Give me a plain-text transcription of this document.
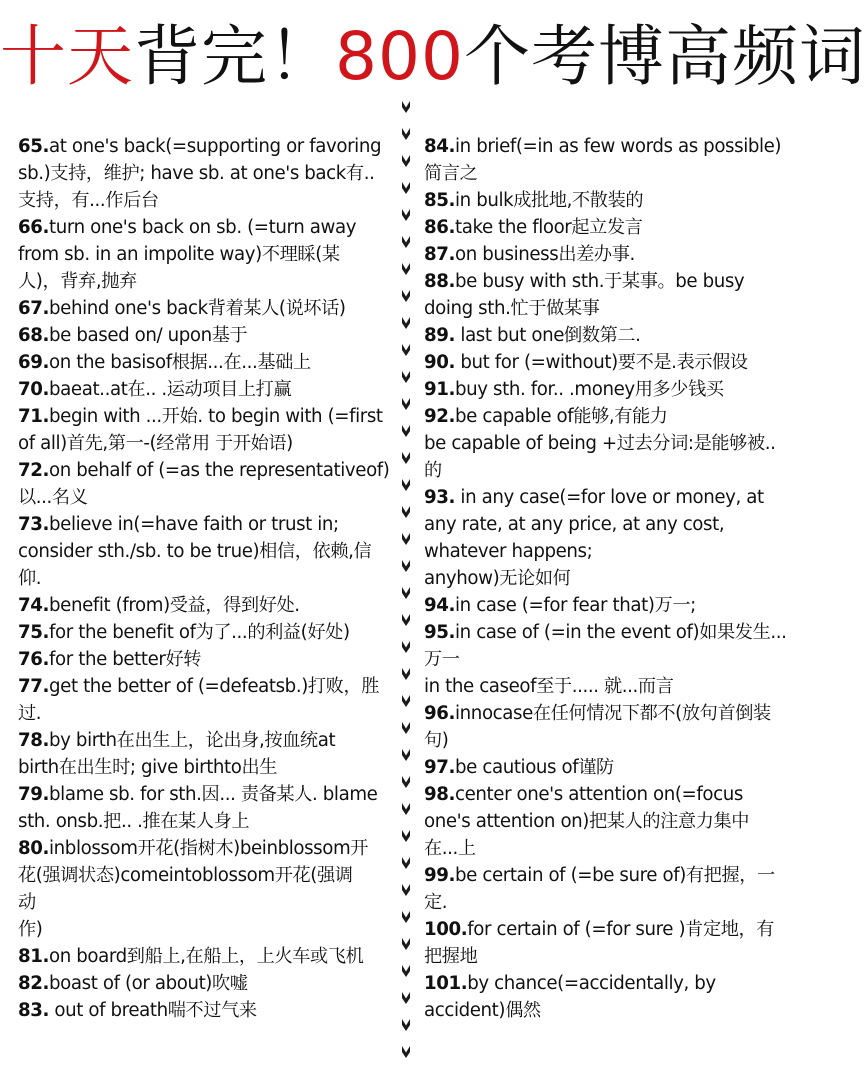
十天背完！800个考博高频词
65.at one's back(=supporting or favoring
sb.)支持，维护; have sb. at one's back有..
支持，有...作后台
66.turn one's back on sb. (=turn away
from sb. in an impolite way)不理睬(某
人)，背弃,抛弃
67.behind one's back背着某人(说坏话)
68.be based on/ upon基于
69.on the basisof根据...在...基础上
70.baeat..at在.. .运动项目上打赢
71.begin with ...开始. to begin with (=first
of all)首先,第一-(经常用 于开始语)
72.on behalf of (=as the representativeof)
以...名义
73.believe in(=have faith or trust in;
consider sth./sb. to be true)相信，依赖,信
仰.
74.benefit (from)受益，得到好处.
75.for the benefit of为了...的利益(好处)
76.for the better好转
77.get the better of (=defeatsb.)打败，胜
过.
78.by birth在出生上，论出身,按血统at
birth在出生时; give birthto出生
79.blame sb. for sth.因... 责备某人. blame
sth. onsb.把.. .推在某人身上
80.inblossom开花(指树木)beinblossom开
花(强调状态)comeintoblossom开花(强调
动
作)
81.on board到船上,在船上，上火车或飞机
82.boast of (or about)吹嘘
83. out of breath喘不过气来
84.in brief(=in as few words as possible)
简言之
85.in bulk成批地,不散装的
86.take the floor起立发言
87.on business出差办事.
88.be busy with sth.于某事。be busy
doing sth.忙于做某事
89. last but one倒数第二.
90. but for (=without)要不是.表示假设
91.buy sth. for.. .money用多少钱买
92.be capable of能够,有能力
be capable of being +过去分词:是能够被..
的
93. in any case(=for love or money, at
any rate, at any price, at any cost,
whatever happens;
anyhow)无论如何
94.in case (=for fear that)万一;
95.in case of (=in the event of)如果发生...
万一
in the caseof至于..... 就...而言
96.innocase在任何情况下都不(放句首倒装
句)
97.be cautious of谨防
98.center one's attention on(=focus
one's attention on)把某人的注意力集中
在...上
99.be certain of (=be sure of)有把握，一
定.
100.for certain of (=for sure )肯定地，有
把握地
101.by chance(=accidentally, by
accident)偶然
